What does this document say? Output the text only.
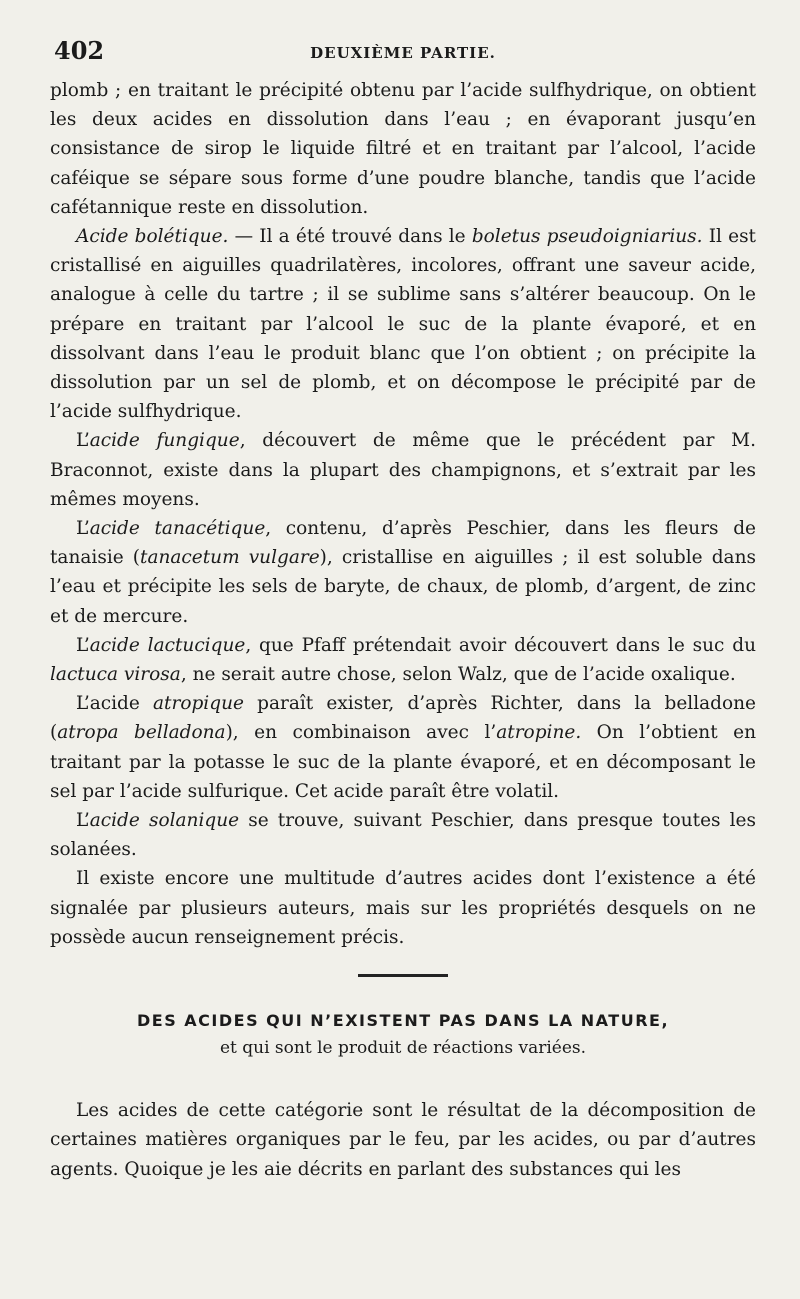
402	DEUXIÈME PARTIE.

plomb ; en traitant le précipité obtenu par l’acide sulfhydrique, on obtient les deux acides en dissolution dans l’eau ; en évaporant jusqu’en consistance de sirop le liquide filtré et en traitant par l’alcool, l’acide caféique se sépare sous forme d’une poudre blanche, tandis que l’acide cafétannique reste en dissolution.

Acide bolétique. — Il a été trouvé dans le boletus pseudoigniarius. Il est cristallisé en aiguilles quadrilatères, incolores, offrant une saveur acide, analogue à celle du tartre ; il se sublime sans s’altérer beaucoup. On le prépare en traitant par l’alcool le suc de la plante évaporé, et en dissolvant dans l’eau le produit blanc que l’on obtient ; on précipite la dissolution par un sel de plomb, et on décompose le précipité par de l’acide sulfhydrique.

L’acide fungique, découvert de même que le précédent par M. Braconnot, existe dans la plupart des champignons, et s’extrait par les mêmes moyens.

L’acide tanacétique, contenu, d’après Peschier, dans les fleurs de tanaisie (tanacetum vulgare), cristallise en aiguilles ; il est soluble dans l’eau et précipite les sels de baryte, de chaux, de plomb, d’argent, de zinc et de mercure.

L’acide lactucique, que Pfaff prétendait avoir découvert dans le suc du lactuca virosa, ne serait autre chose, selon Walz, que de l’acide oxalique.

L’acide atropique paraît exister, d’après Richter, dans la belladone (atropa belladona), en combinaison avec l’atropine. On l’obtient en traitant par la potasse le suc de la plante évaporé, et en décomposant le sel par l’acide sulfurique. Cet acide paraît être volatil.

L’acide solanique se trouve, suivant Peschier, dans presque toutes les solanées.

Il existe encore une multitude d’autres acides dont l’existence a été signalée par plusieurs auteurs, mais sur les propriétés desquels on ne possède aucun renseignement précis.

DES ACIDES QUI N’EXISTENT PAS DANS LA NATURE,
et qui sont le produit de réactions variées.

Les acides de cette catégorie sont le résultat de la décomposition de certaines matières organiques par le feu, par les acides, ou par d’autres agents. Quoique je les aie décrits en parlant des substances qui les
